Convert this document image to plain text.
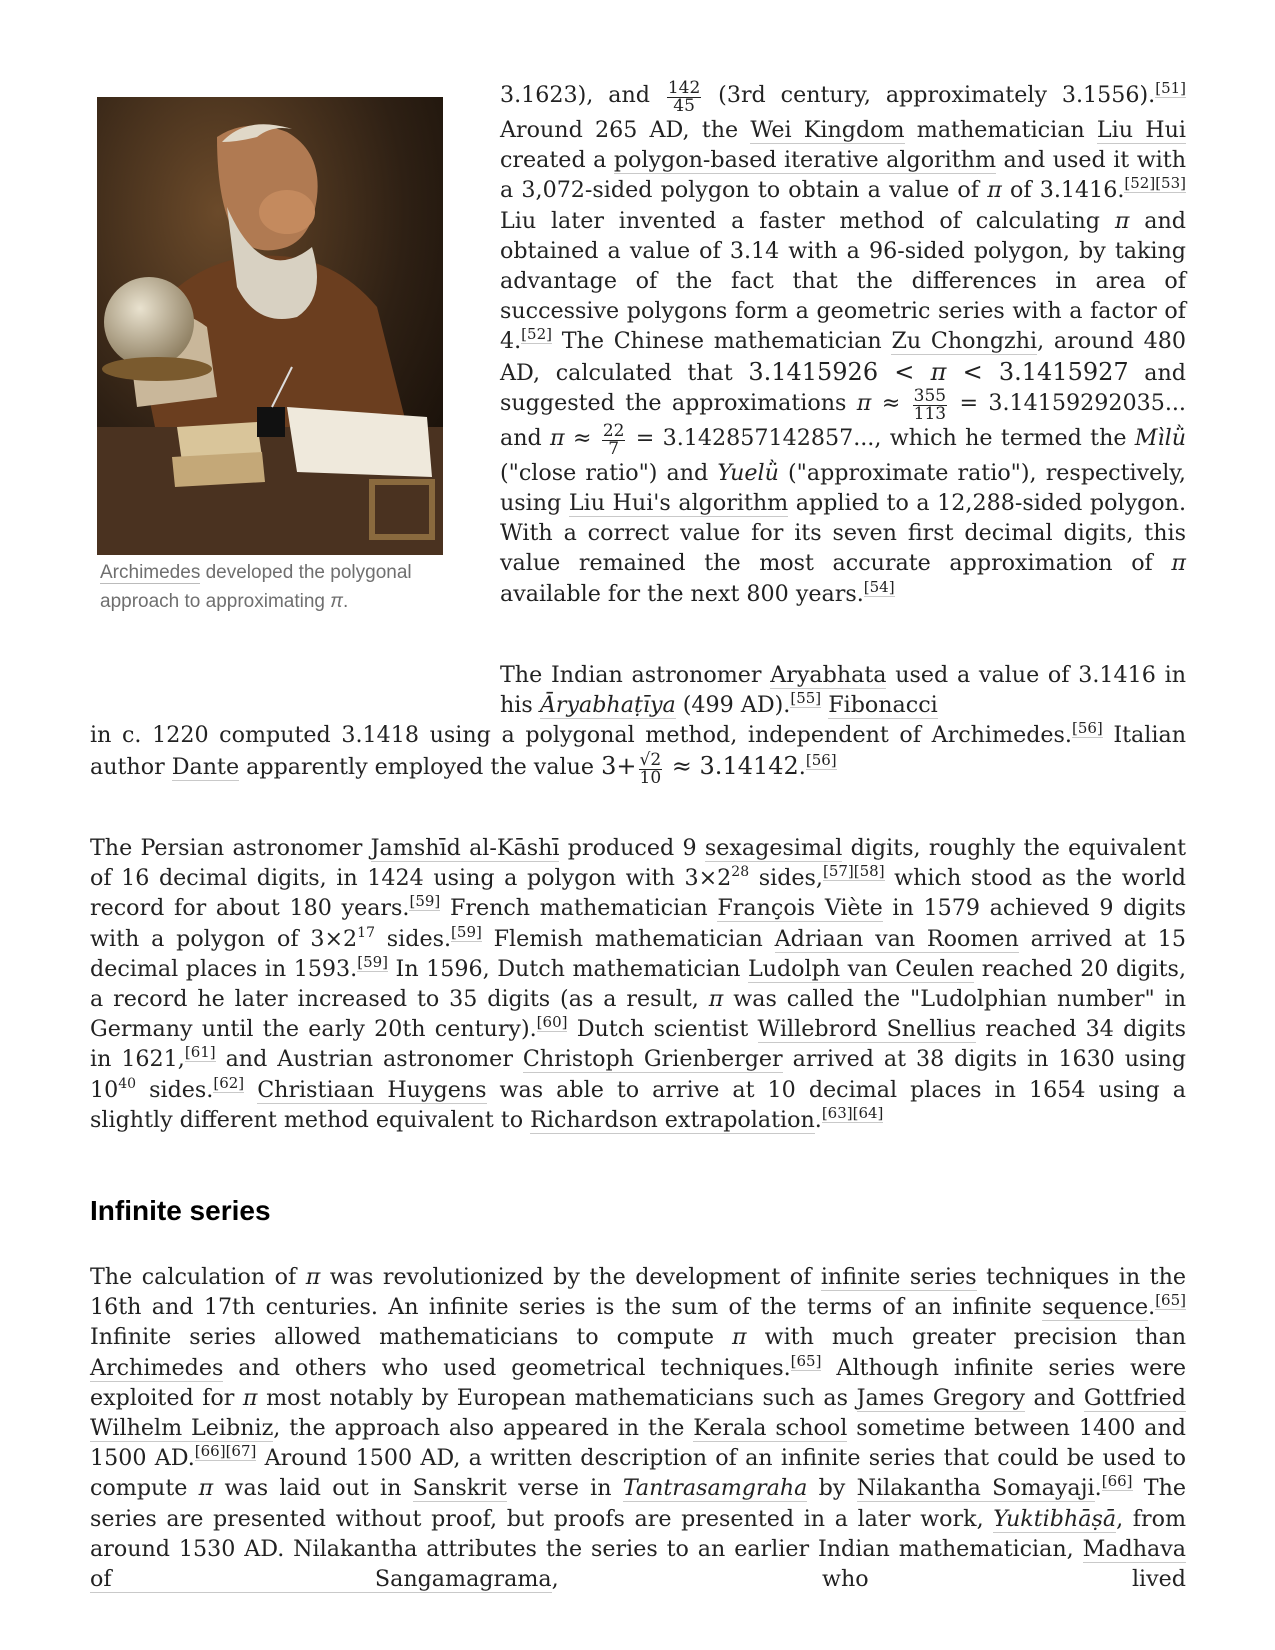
Archimedes developed the polygonal approach to approximating π.
3.1623), and $\frac{142}{45} (3rd$ century, approximately 3.1556).[51] Around 265 AD, the Wei Kingdom mathematician Liu Hui created a polygon-based iterative algorithm and used it with a 3,072-sided polygon to obtain a value of π of 3.1416.[52][53] Liu later invented a faster method of calculating π and obtained a value of 3.14 with a 96-sided polygon, by taking advantage of the fact that the differences in area of successive polygons form a geometric series with a factor of 4.[52] The Chinese mathematician Zu Chongzhi, around 480 AD, calculated that 3.1415926 < π < 3.1415927 and suggested the approximations $\pi \approx \frac{355}{113} = 3.14159292035$... and $\pi \approx \frac{22}{7} = 3.142857142857$..., which he termed the Mìlǜ ("close ratio") and Yuelǜ ("approximate ratio"), respectively, using Liu Hui's algorithm applied to a 12,288-sided polygon. With a correct value for its seven first decimal digits, this value remained the most accurate approximation of π available for the next 800 years.[54]
The Indian astronomer Aryabhata used a value of 3.1416 in his Āryabhaṭīya (499 AD).[55] Fibonacci
in c. 1220 computed 3.1418 using a polygonal method, independent of Archimedes.[56] Italian author Dante apparently employed the value $3+ \frac{√2}{10} \approx 3.14142.[56]$
The Persian astronomer Jamshīd al-Kāshī produced 9 sexagesimal digits, roughly the equivalent of 16 decimal digits, in 1424 using a polygon with $3\times 2^{28}$ sides,[57][58] which stood as the world record for about 180 years.[59] French mathematician François Viète in 1579 achieved 9 digits with a polygon of $3\times 2^{17}$ sides.[59] Flemish mathematician Adriaan van Roomen arrived at 15 decimal places in 1593.[59] In 1596, Dutch mathematician Ludolph van Ceulen reached 20 digits, a record he later increased to 35 digits (as a result, π was called the "Ludolphian number" in Germany until the early 20th century).[60] Dutch scientist Willebrord Snellius reached 34 digits in 1621,[61] and Austrian astronomer Christoph Grienberger arrived at 38 digits in 1630 using $10^{40}$ sides.[62] Christiaan Huygens was able to arrive at 10 decimal places in 1654 using a slightly different method equivalent to Richardson extrapolation.[63][64]
Infinite series
The calculation of π was revolutionized by the development of infinite series techniques in the 16th and 17th centuries. An infinite series is the sum of the terms of an infinite sequence.[65] Infinite series allowed mathematicians to compute π with much greater precision than Archimedes and others who used geometrical techniques.[65] Although infinite series were exploited for π most notably by European mathematicians such as James Gregory and Gottfried Wilhelm Leibniz, the approach also appeared in the Kerala school sometime between 1400 and 1500 AD.[66][67] Around 1500 AD, a written description of an infinite series that could be used to compute π was laid out in Sanskrit verse in Tantrasamgraha by Nilakantha Somayaji.[66] The series are presented without proof, but proofs are presented in a later work, Yuktibhāṣā, from around 1530 AD. Nilakantha attributes the series to an earlier Indian mathematician, Madhava of Sangamagrama, who lived
